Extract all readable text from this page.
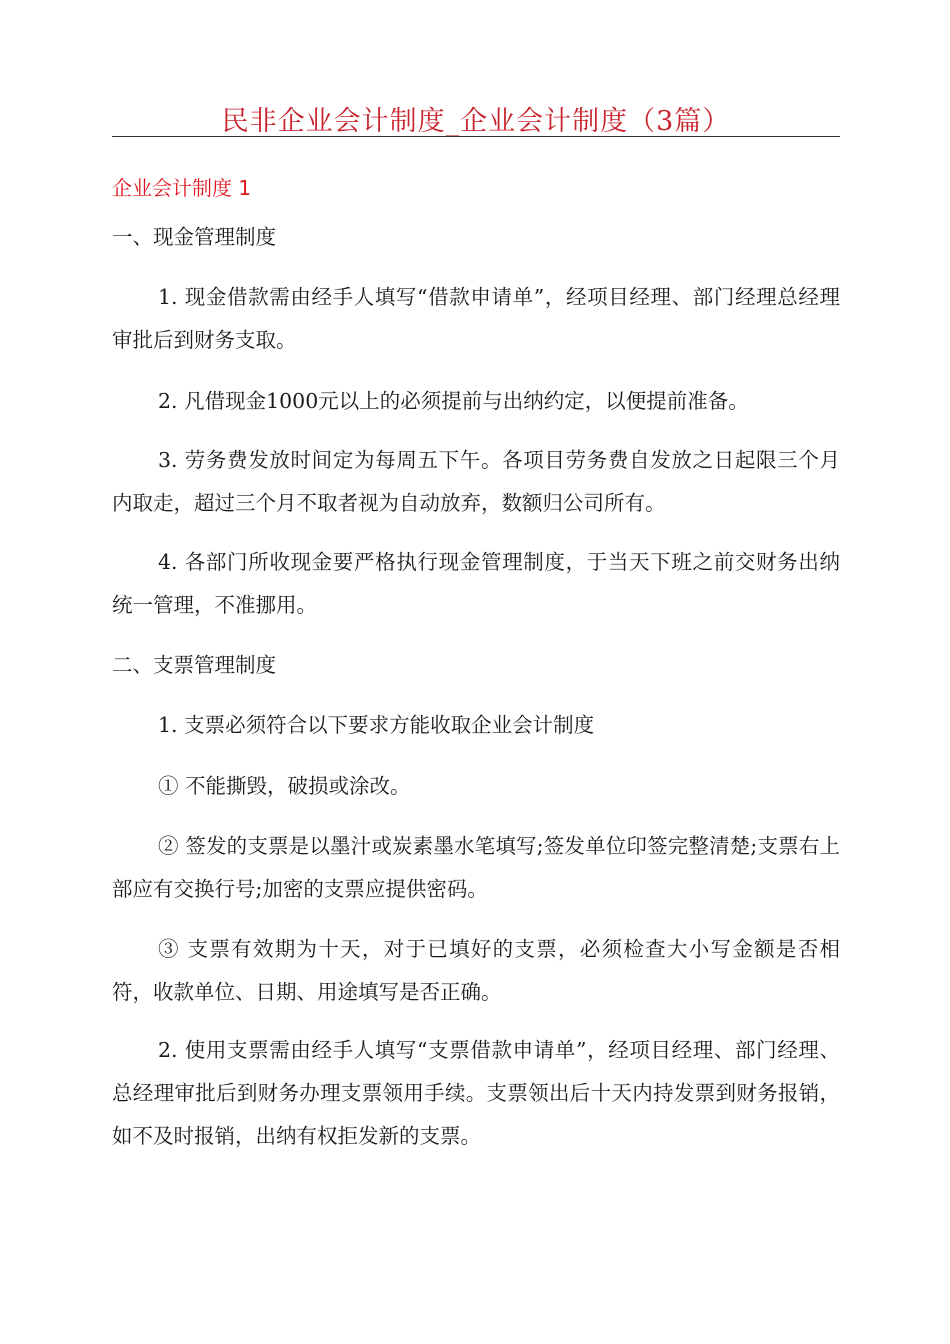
民非企业会计制度_企业会计制度（3篇）
企业会计制度 1

一、现金管理制度

1. 现金借款需由经手人填写“借款申请单”，经项目经理、部门经理总经理审批后到财务支取。

2. 凡借现金1000元以上的必须提前与出纳约定，以便提前准备。

3. 劳务费发放时间定为每周五下午。各项目劳务费自发放之日起限三个月内取走，超过三个月不取者视为自动放弃，数额归公司所有。

4. 各部门所收现金要严格执行现金管理制度，于当天下班之前交财务出纳统一管理，不准挪用。

二、支票管理制度

1. 支票必须符合以下要求方能收取企业会计制度

① 不能撕毁，破损或涂改。

② 签发的支票是以墨汁或炭素墨水笔填写;签发单位印签完整清楚;支票右上部应有交换行号;加密的支票应提供密码。

③ 支票有效期为十天，对于已填好的支票，必须检查大小写金额是否相符，收款单位、日期、用途填写是否正确。

2. 使用支票需由经手人填写“支票借款申请单”，经项目经理、部门经理、总经理审批后到财务办理支票领用手续。支票领出后十天内持发票到财务报销，如不及时报销，出纳有权拒发新的支票。
